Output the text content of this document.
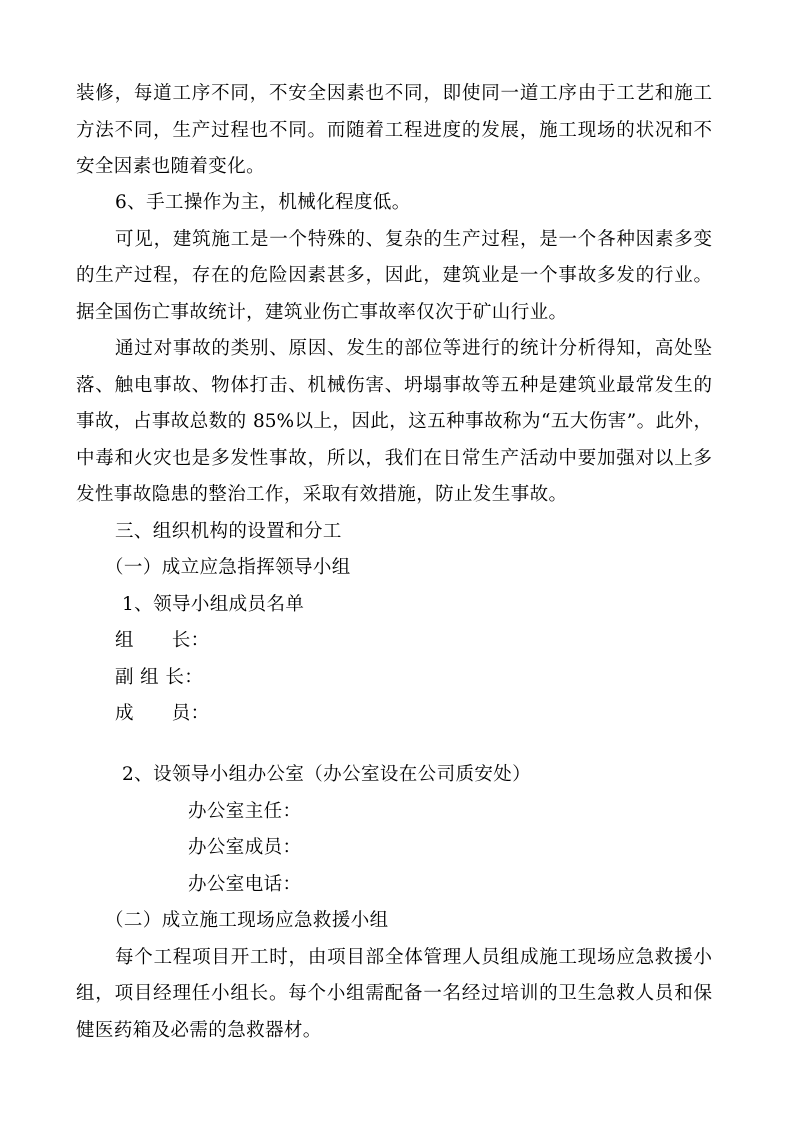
装修，每道工序不同，不安全因素也不同，即使同一道工序由于工艺和施工
方法不同，生产过程也不同。而随着工程进度的发展，施工现场的状况和不
安全因素也随着变化。
6、手工操作为主，机械化程度低。
可见，建筑施工是一个特殊的、复杂的生产过程，是一个各种因素多变
的生产过程，存在的危险因素甚多，因此，建筑业是一个事故多发的行业。
据全国伤亡事故统计，建筑业伤亡事故率仅次于矿山行业。
通过对事故的类别、原因、发生的部位等进行的统计分析得知，高处坠
落、触电事故、物体打击、机械伤害、坍塌事故等五种是建筑业最常发生的
事故，占事故总数的 85%以上，因此，这五种事故称为“五大伤害”。此外，
中毒和火灾也是多发性事故，所以，我们在日常生产活动中要加强对以上多
发性事故隐患的整治工作，采取有效措施，防止发生事故。
三、组织机构的设置和分工
（一）成立应急指挥领导小组
1、领导小组成员名单
组　　长：
副 组 长：
成　　员：
2、设领导小组办公室（办公室设在公司质安处）
办公室主任：
办公室成员：
办公室电话：
（二）成立施工现场应急救援小组
每个工程项目开工时，由项目部全体管理人员组成施工现场应急救援小
组，项目经理任小组长。每个小组需配备一名经过培训的卫生急救人员和保
健医药箱及必需的急救器材。
